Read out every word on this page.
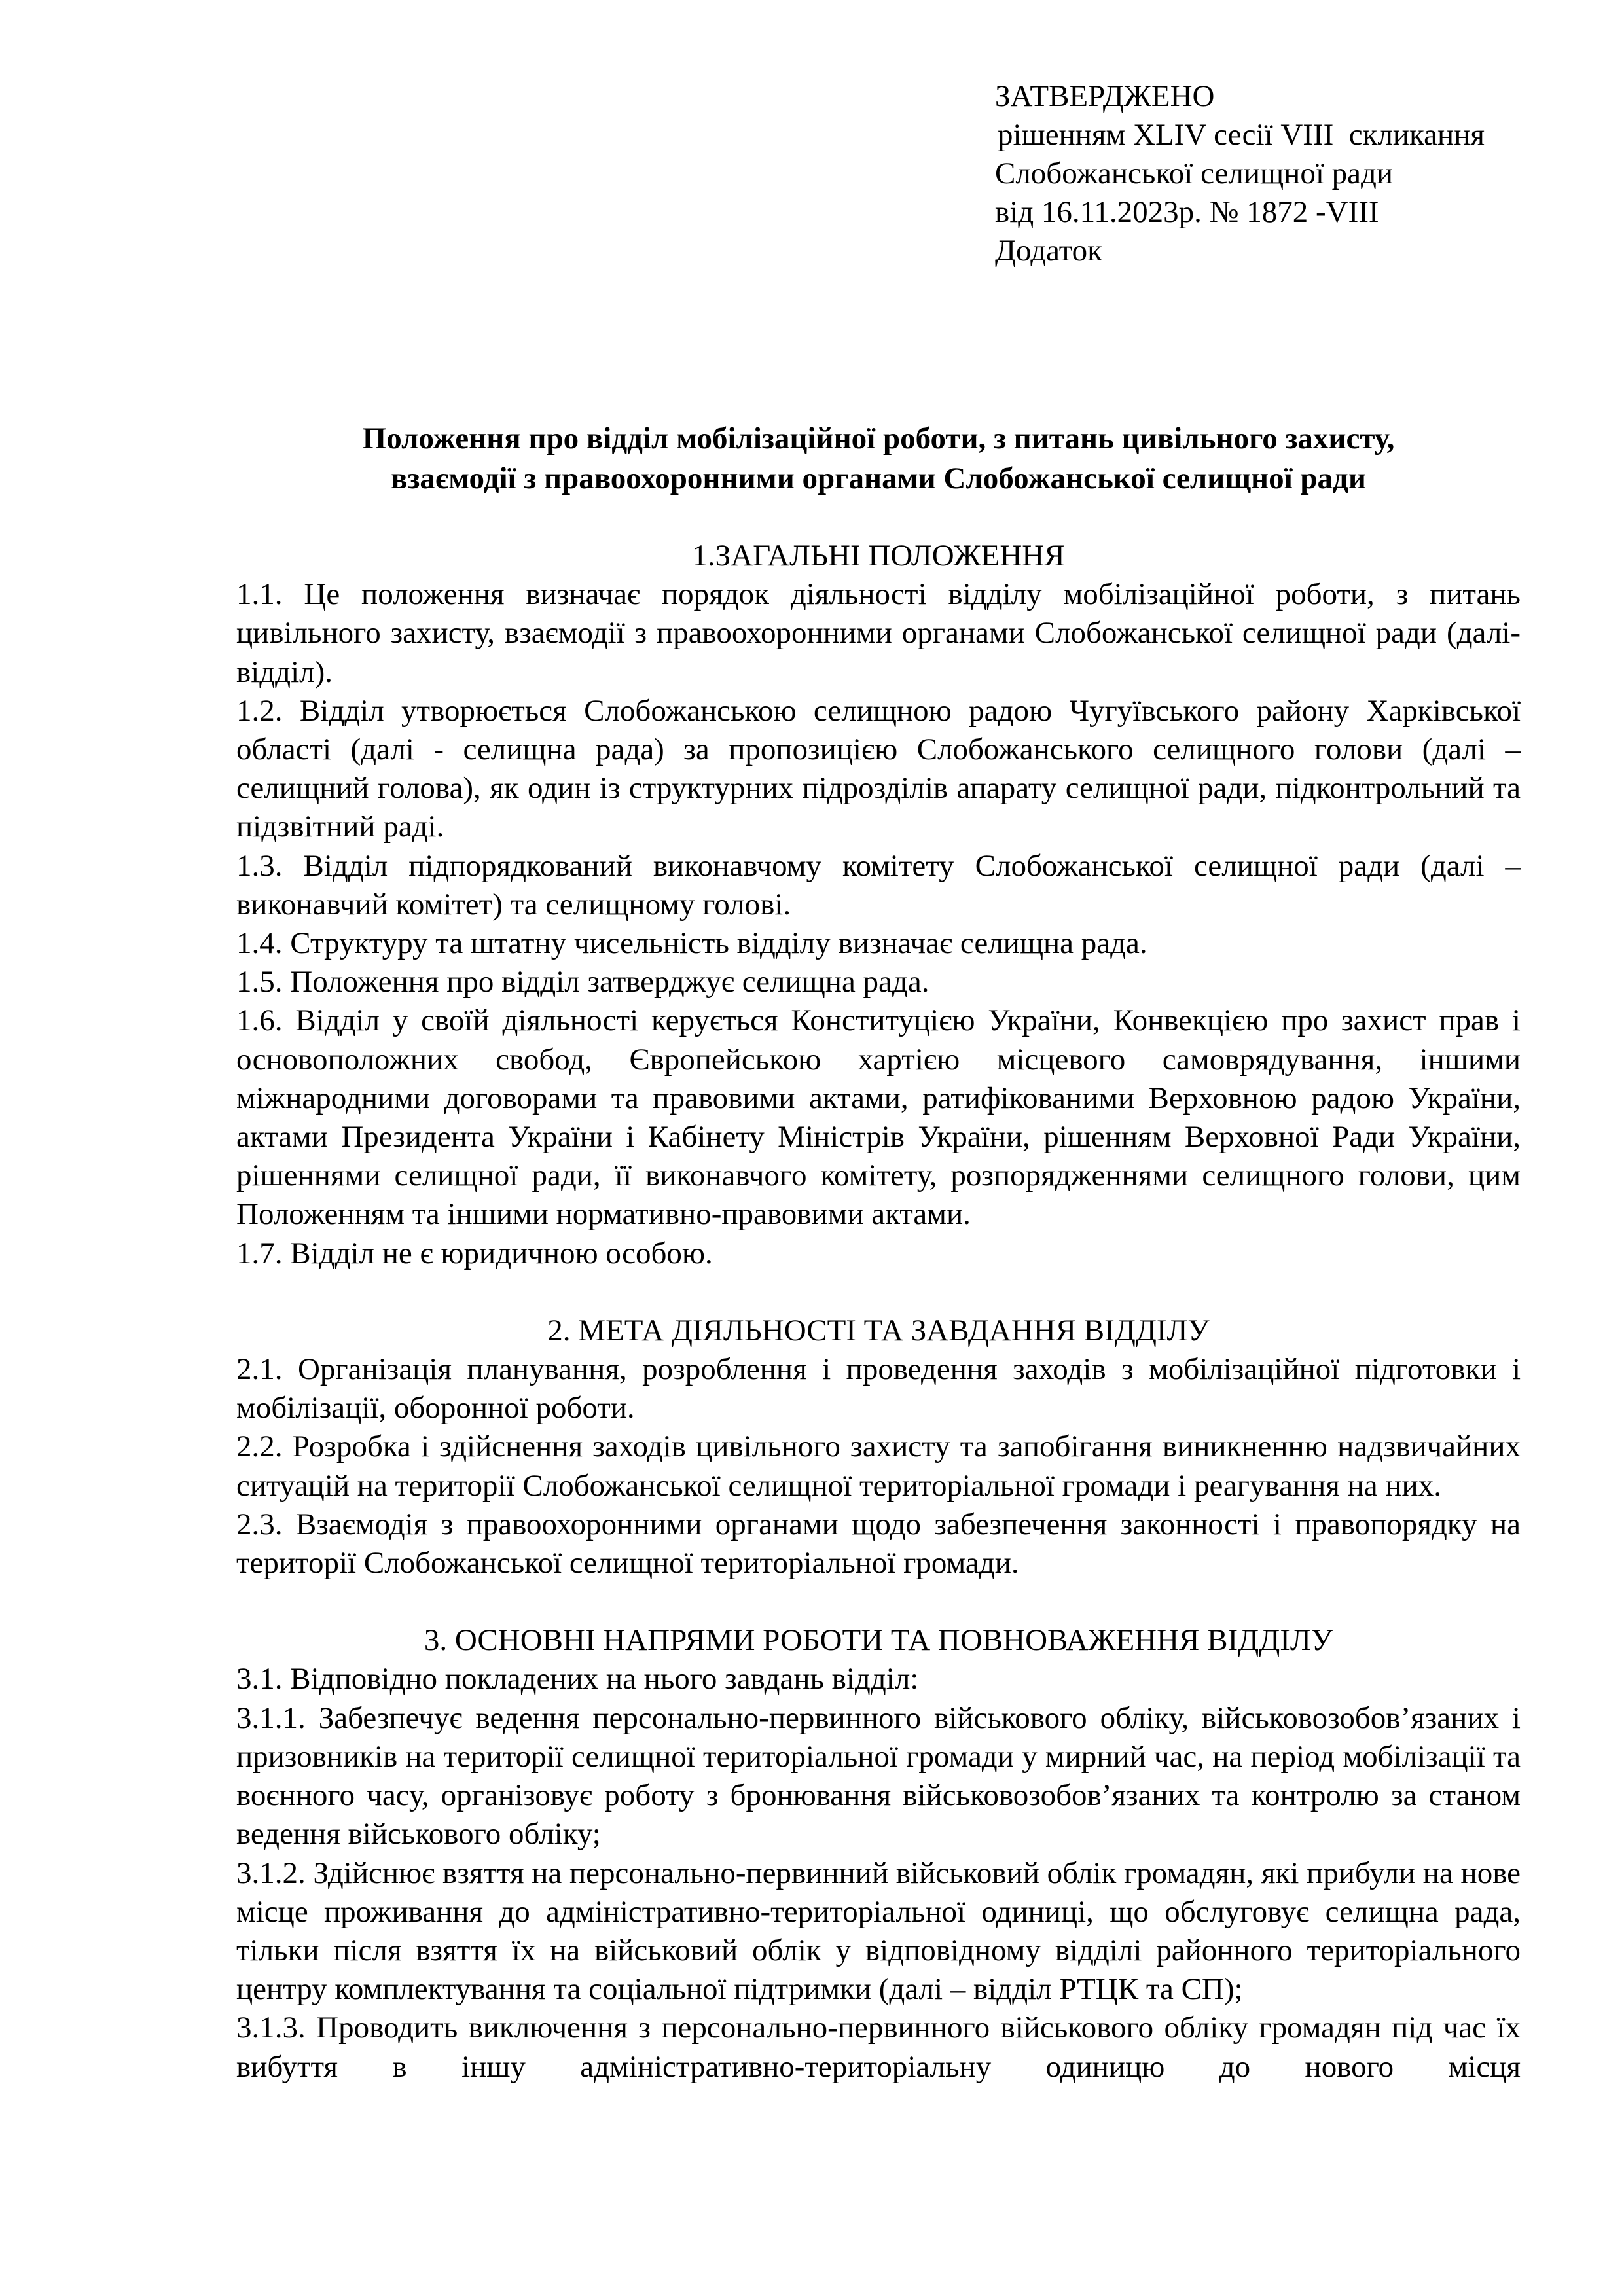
ЗАТВЕРДЖЕНО
рішенням XLIV сесії VIII  скликання
Слобожанської селищної ради
від 16.11.2023р. № 1872 -VIII
Додаток
Положення про відділ мобілізаційної роботи, з питань цивільного захисту,
взаємодії з правоохоронними органами Слобожанської селищної ради

1.ЗАГАЛЬНІ ПОЛОЖЕННЯ

1.1. Це положення визначає порядок діяльності відділу мобілізаційної роботи, з питань цивільного захисту, взаємодії з правоохоронними органами Слобожанської селищної ради (далі-відділ).

1.2. Відділ утворюється Слобожанською селищною радою Чугуївського району Харківської області (далі - селищна рада) за пропозицією Слобожанського селищного голови (далі – селищний голова), як один із структурних підрозділів апарату селищної ради, підконтрольний та підзвітний раді.

1.3. Відділ підпорядкований виконавчому комітету Слобожанської селищної ради (далі – виконавчий комітет) та селищному голові.

1.4. Структуру та штатну чисельність відділу визначає селищна рада.

1.5. Положення про відділ затверджує селищна рада.

1.6. Відділ у своїй діяльності керується Конституцією України, Конвекцією про захист прав і основоположних свобод, Європейською хартією місцевого самоврядування, іншими міжнародними договорами та правовими актами, ратифікованими Верховною радою України, актами Президента України і Кабінету Міністрів України, рішенням Верховної Ради України, рішеннями селищної ради, її виконавчого комітету, розпорядженнями селищного голови, цим Положенням та іншими нормативно-правовими актами.

1.7. Відділ не є юридичною особою.

2. МЕТА ДІЯЛЬНОСТІ ТА ЗАВДАННЯ ВІДДІЛУ

2.1. Організація планування, розроблення і проведення заходів з мобілізаційної підготовки і мобілізації, оборонної роботи.

2.2. Розробка і здійснення заходів цивільного захисту та запобігання виникненню надзвичайних ситуацій на території Слобожанської селищної територіальної громади і реагування на них.

2.3. Взаємодія з правоохоронними органами щодо забезпечення законності і правопорядку на території Слобожанської селищної територіальної громади.

3. ОСНОВНІ НАПРЯМИ РОБОТИ ТА ПОВНОВАЖЕННЯ ВІДДІЛУ

3.1. Відповідно покладених на нього завдань відділ:

3.1.1. Забезпечує ведення персонально-первинного військового обліку, військовозобов’язаних і призовників на території селищної територіальної громади у мирний час, на період мобілізації та воєнного часу, організовує роботу з бронювання військовозобов’язаних та контролю за станом ведення військового обліку;

3.1.2. Здійснює взяття на персонально-первинний військовий облік громадян, які прибули на нове місце проживання до адміністративно-територіальної одиниці, що обслуговує селищна рада, тільки після взяття їх на військовий облік у відповідному відділі районного територіального центру комплектування та соціальної підтримки (далі – відділ РТЦК та СП);

3.1.3. Проводить виключення з персонально-первинного військового обліку громадян під час їх вибуття в іншу адміністративно-територіальну одиницю до нового місця
